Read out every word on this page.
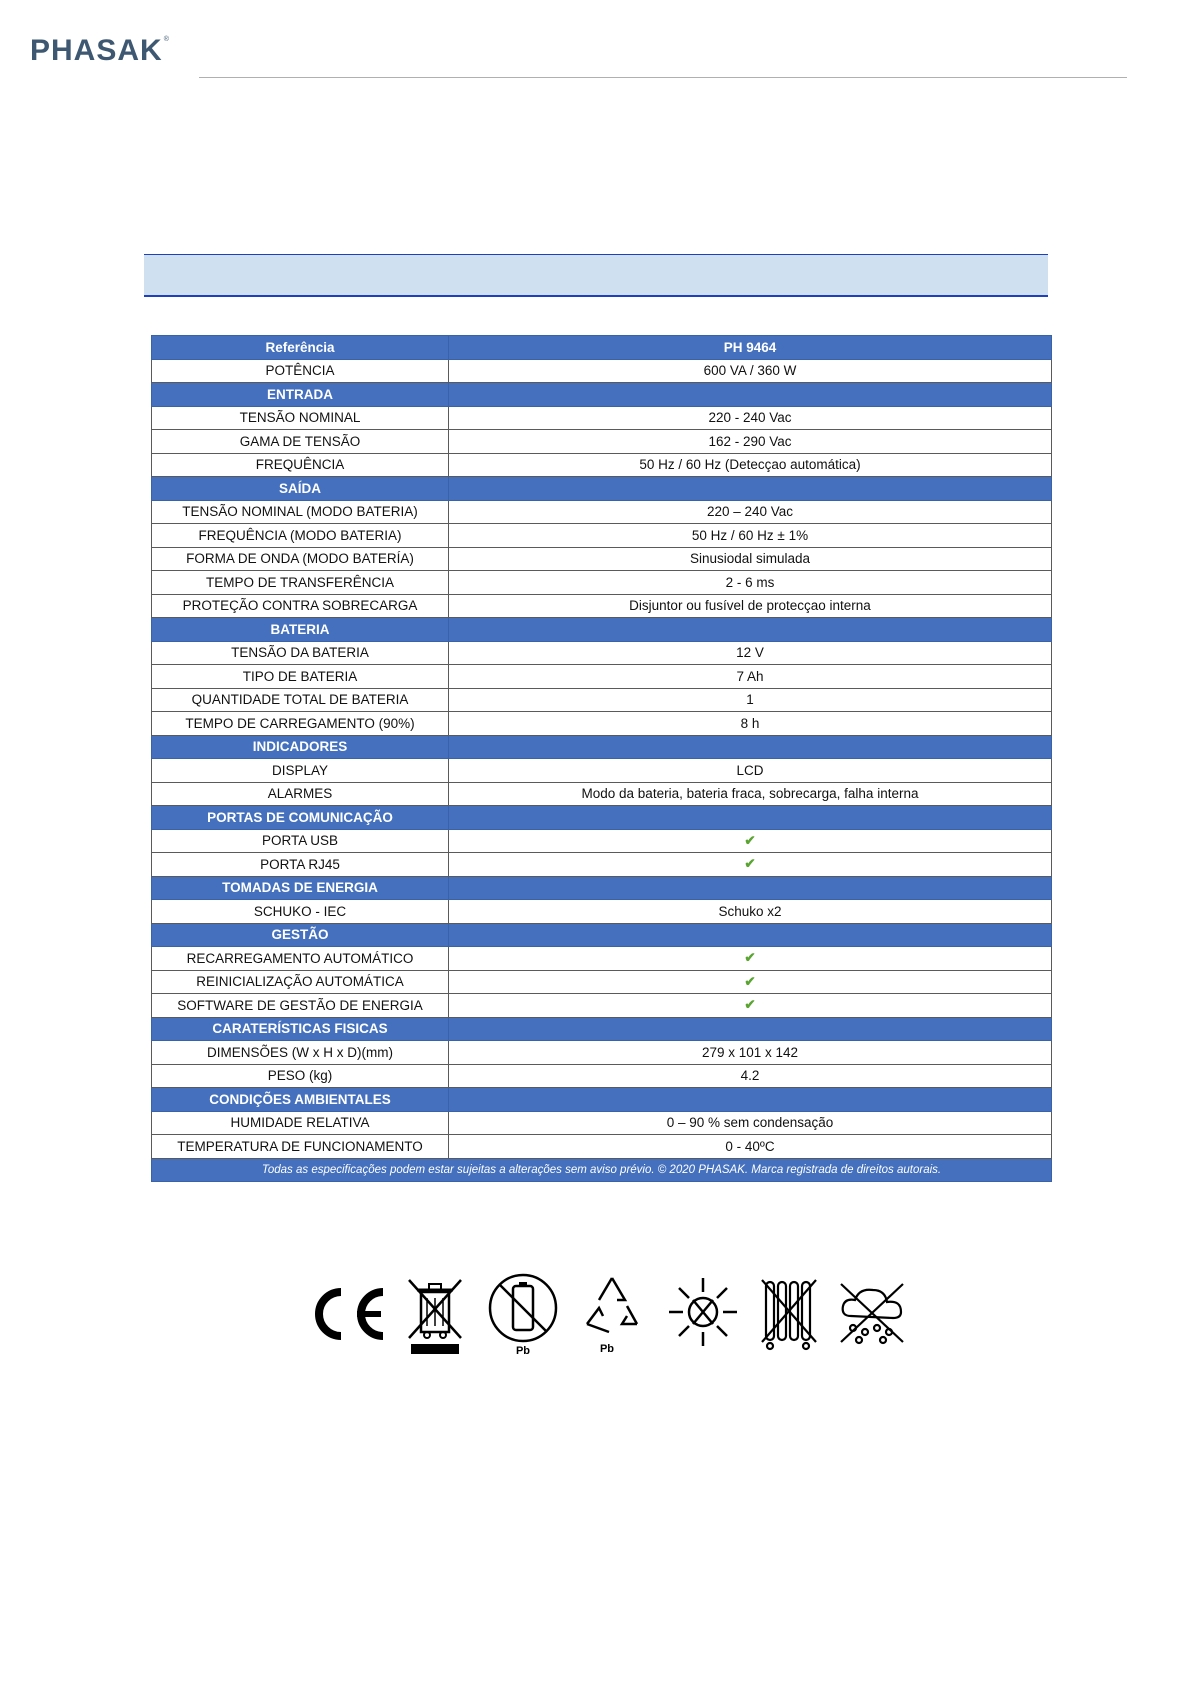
PHASAK ®
Referência	PH 9464
POTÊNCIA	600 VA / 360 W
ENTRADA	
TENSÃO NOMINAL	220 - 240 Vac
GAMA DE TENSÃO	162 - 290 Vac
FREQUÊNCIA	50 Hz / 60 Hz (Detecçao automática)
SAÍDA	
TENSÃO NOMINAL (MODO BATERIA)	220 – 240 Vac
FREQUÊNCIA (MODO BATERIA)	50 Hz / 60 Hz ± 1%
FORMA DE ONDA (MODO BATERÍA)	Sinusiodal simulada
TEMPO DE TRANSFERÊNCIA	2 - 6 ms
PROTEÇÃO CONTRA SOBRECARGA	Disjuntor ou fusível de protecçao interna
BATERIA	
TENSÃO DA BATERIA	12 V
TIPO DE BATERIA	7 Ah
QUANTIDADE TOTAL DE BATERIA	1
TEMPO DE CARREGAMENTO (90%)	8 h
INDICADORES	
DISPLAY	LCD
ALARMES	Modo da bateria, bateria fraca, sobrecarga, falha interna
PORTAS DE COMUNICAÇÃO	
PORTA USB	✔
PORTA RJ45	✔
TOMADAS DE ENERGIA	
SCHUKO - IEC	Schuko x2
GESTÃO	
RECARREGAMENTO AUTOMÁTICO	✔
REINICIALIZAÇÃO AUTOMÁTICA	✔
SOFTWARE DE GESTÃO DE ENERGIA	✔
CARATERÍSTICAS FISICAS	
DIMENSÕES (W x H x D)(mm)	279 x 101 x 142
PESO (kg)	4.2
CONDIÇÕES AMBIENTALES	
HUMIDADE RELATIVA	0 – 90 % sem condensação
TEMPERATURA DE FUNCIONAMENTO	0 - 40ºC
Todas as especificações podem estar sujeitas a alterações sem aviso prévio. © 2020 PHASAK. Marca registrada de direitos autorais.	
Pb	Pb
